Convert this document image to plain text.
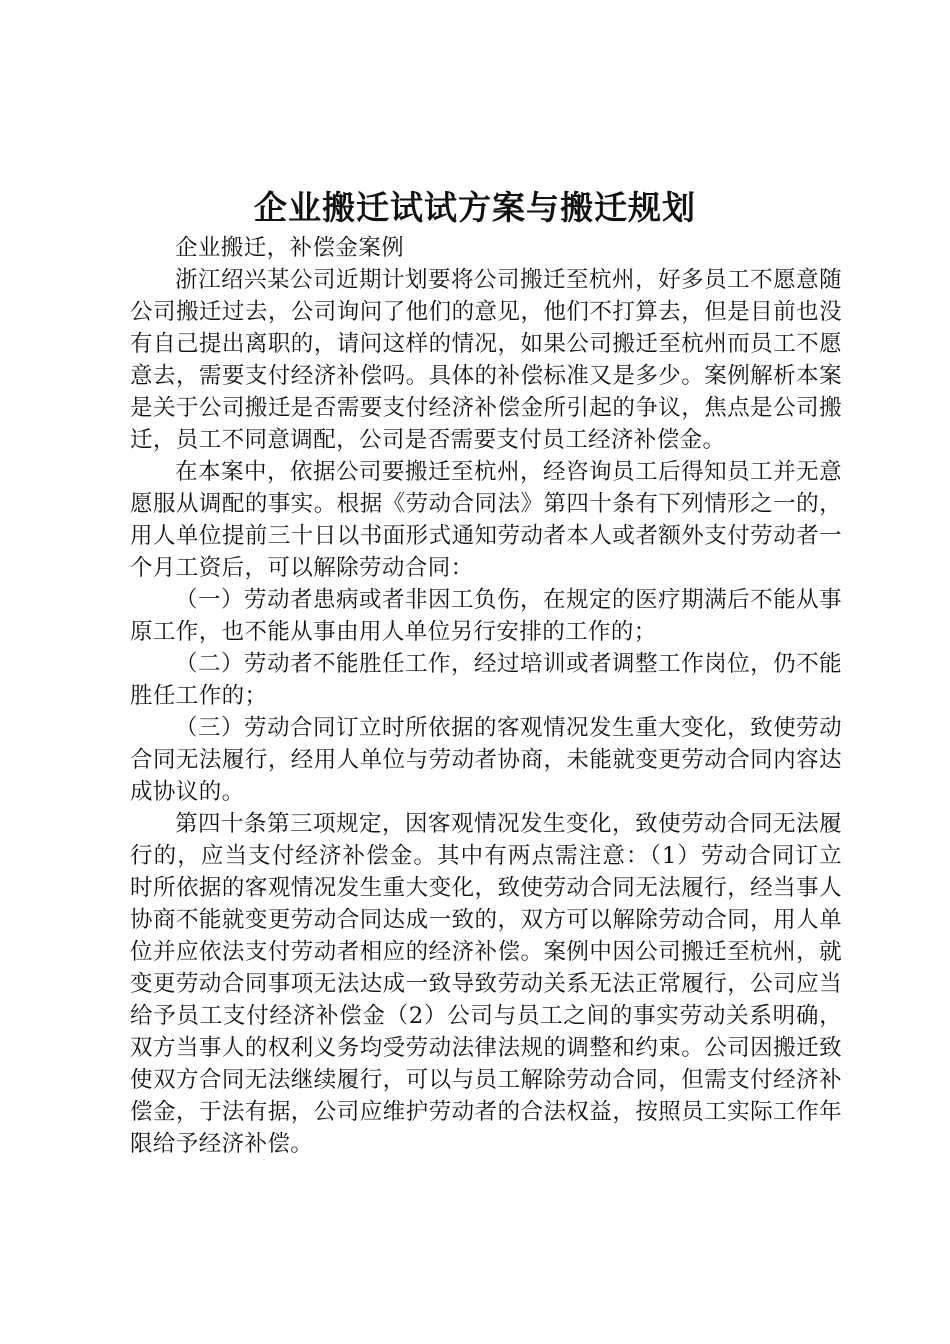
企业搬迁试试方案与搬迁规划

企业搬迁，补偿金案例

浙江绍兴某公司近期计划要将公司搬迁至杭州，好多员工不愿意随公司搬迁过去，公司询问了他们的意见，他们不打算去，但是目前也没有自己提出离职的，请问这样的情况，如果公司搬迁至杭州而员工不愿意去，需要支付经济补偿吗。具体的补偿标准又是多少。案例解析本案是关于公司搬迁是否需要支付经济补偿金所引起的争议，焦点是公司搬迁，员工不同意调配，公司是否需要支付员工经济补偿金。

在本案中，依据公司要搬迁至杭州，经咨询员工后得知员工并无意愿服从调配的事实。根据《劳动合同法》第四十条有下列情形之一的，用人单位提前三十日以书面形式通知劳动者本人或者额外支付劳动者一个月工资后，可以解除劳动合同：

（一）劳动者患病或者非因工负伤，在规定的医疗期满后不能从事原工作，也不能从事由用人单位另行安排的工作的；

（二）劳动者不能胜任工作，经过培训或者调整工作岗位，仍不能胜任工作的；

（三）劳动合同订立时所依据的客观情况发生重大变化，致使劳动合同无法履行，经用人单位与劳动者协商，未能就变更劳动合同内容达成协议的。

第四十条第三项规定，因客观情况发生变化，致使劳动合同无法履行的，应当支付经济补偿金。其中有两点需注意：（1）劳动合同订立时所依据的客观情况发生重大变化，致使劳动合同无法履行，经当事人协商不能就变更劳动合同达成一致的，双方可以解除劳动合同，用人单位并应依法支付劳动者相应的经济补偿。案例中因公司搬迁至杭州，就变更劳动合同事项无法达成一致导致劳动关系无法正常履行，公司应当给予员工支付经济补偿金（2）公司与员工之间的事实劳动关系明确，双方当事人的权利义务均受劳动法律法规的调整和约束。公司因搬迁致使双方合同无法继续履行，可以与员工解除劳动合同，但需支付经济补偿金，于法有据，公司应维护劳动者的合法权益，按照员工实际工作年限给予经济补偿。
